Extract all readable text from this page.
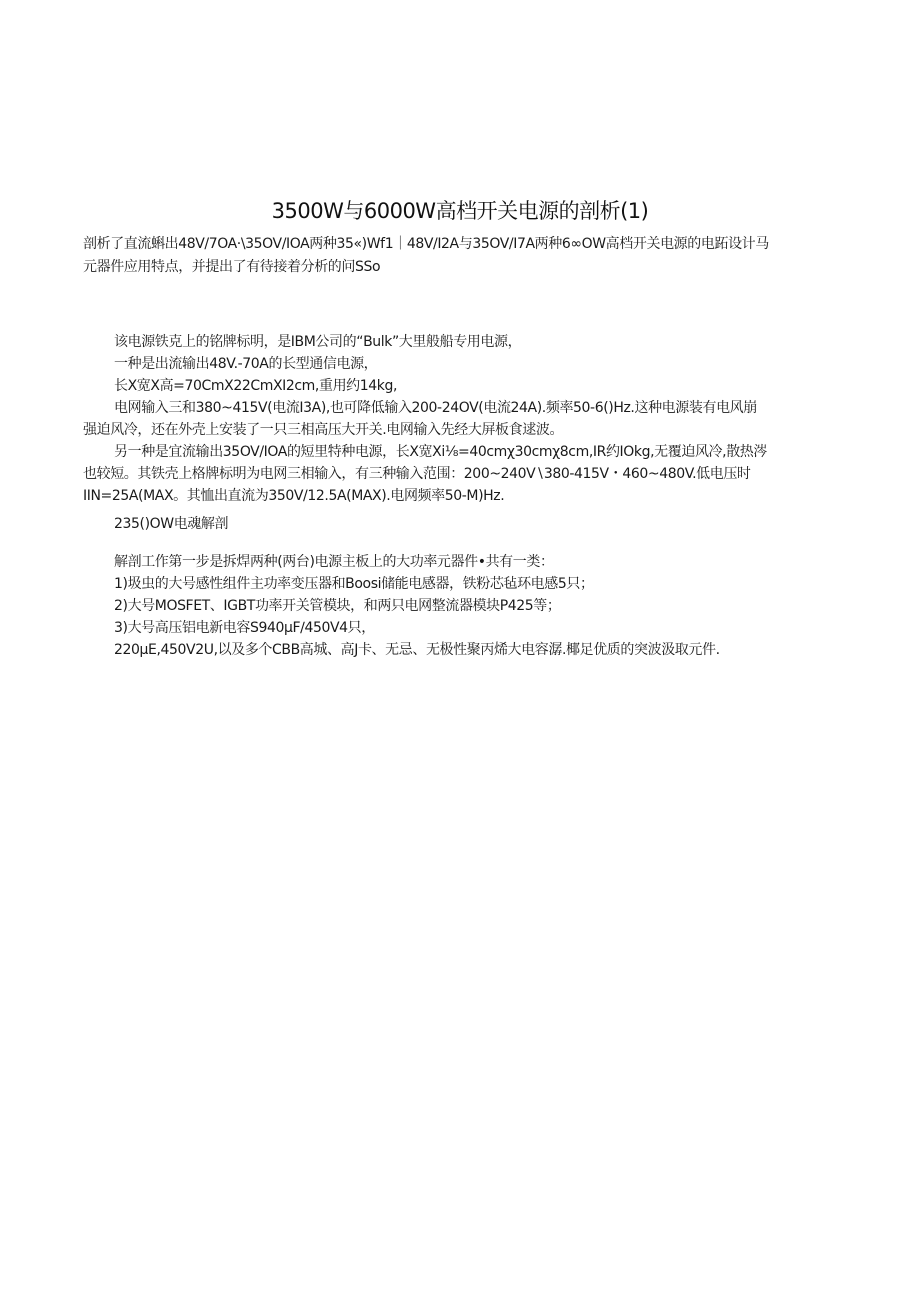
3500W与6000W高档开关电源的剖析(1)
剖析了直流蝌出48V/7OA·\35OV/IOA两种35«)Wf1｜48V/I2A与35OV/I7A两种6∞OW高档开关电源的电跖设计马
元器件应用特点，并提出了有待接着分析的问SSo
该电源铁克上的铭牌标明，是IBM公司的“Bulk”大里般船专用电源，
一种是出流输出48V.-70A的长型通信电源，
长X宽X高=70CmX22CmXI2cm,重用约14kg,
电网输入三和380~415V(电流I3A),也可降低输入200-24OV(电流24A).频率50-6()Hz.这种电源装有电风崩
强迫风冷，还在外壳上安装了一只三相高压大开关.电网输入先经大屏板食逑波。
另一种是宜流输出35OV/IOA的短里特种电源，长X宽Xi⅛=40cmχ30cmχ8cm,IR约IOkg,无覆迫风冷,散热涔
也较短。其铁壳上格牌标明为电网三相输入，有三种输入范围：200~240V∖380-415V・460~480V.低电压时
IIN=25A(MAX。其恤出直流为350V/12.5A(MAX).电网频率50-M)Hz.
235()OW电魂解剖
解剖工作第一步是拆焊两种(两台)电源主板上的大功率元器件•共有一类：
1)圾虫的大号感性组件主功率变压器和Boosi储能电感器，铁粉芯毡环电感5只；
2)大号MOSFET、IGBT功率开关管模块，和两只电网整流器模块P425等；
3)大号高压铝电新电容S940μF∕450V4只，
220μE,450V2U,以及多个CBB高城、高J卡、无忌、无极性聚丙烯大电容潺.椰足优质的突波汲取元件.
